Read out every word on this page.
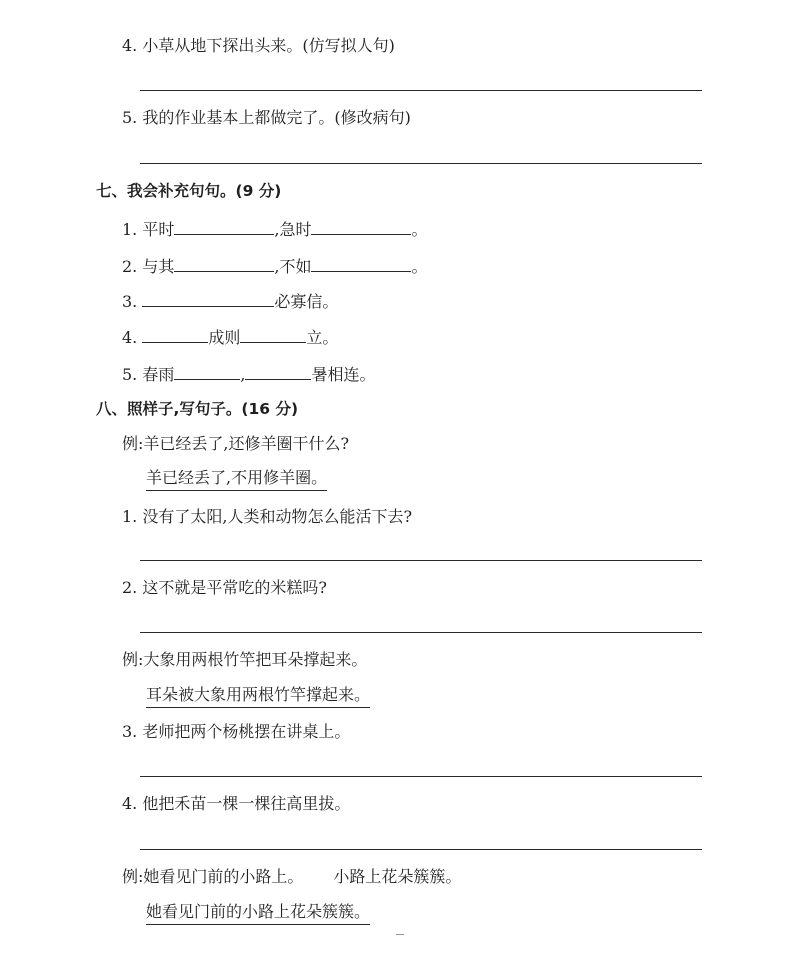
4. 小草从地下探出头来。(仿写拟人句)
5. 我的作业基本上都做完了。(修改病句)
七、我会补充句句。(9 分)
1. 平时	,急时	。
2. 与其	,不如	。
3.	必寡信。
4.	成则	立。
5. 春雨	,	暑相连。
八、照样子,写句子。(16 分)
例:羊已经丢了,还修羊圈干什么?
羊已经丢了,不用修羊圈。
1. 没有了太阳,人类和动物怎么能活下去?
2. 这不就是平常吃的米糕吗?
例:大象用两根竹竿把耳朵撑起来。
耳朵被大象用两根竹竿撑起来。
3. 老师把两个杨桃摆在讲桌上。
4. 他把禾苗一棵一棵往高里拔。
例:她看见门前的小路上。 小路上花朵簇簇。
她看见门前的小路上花朵簇簇。
